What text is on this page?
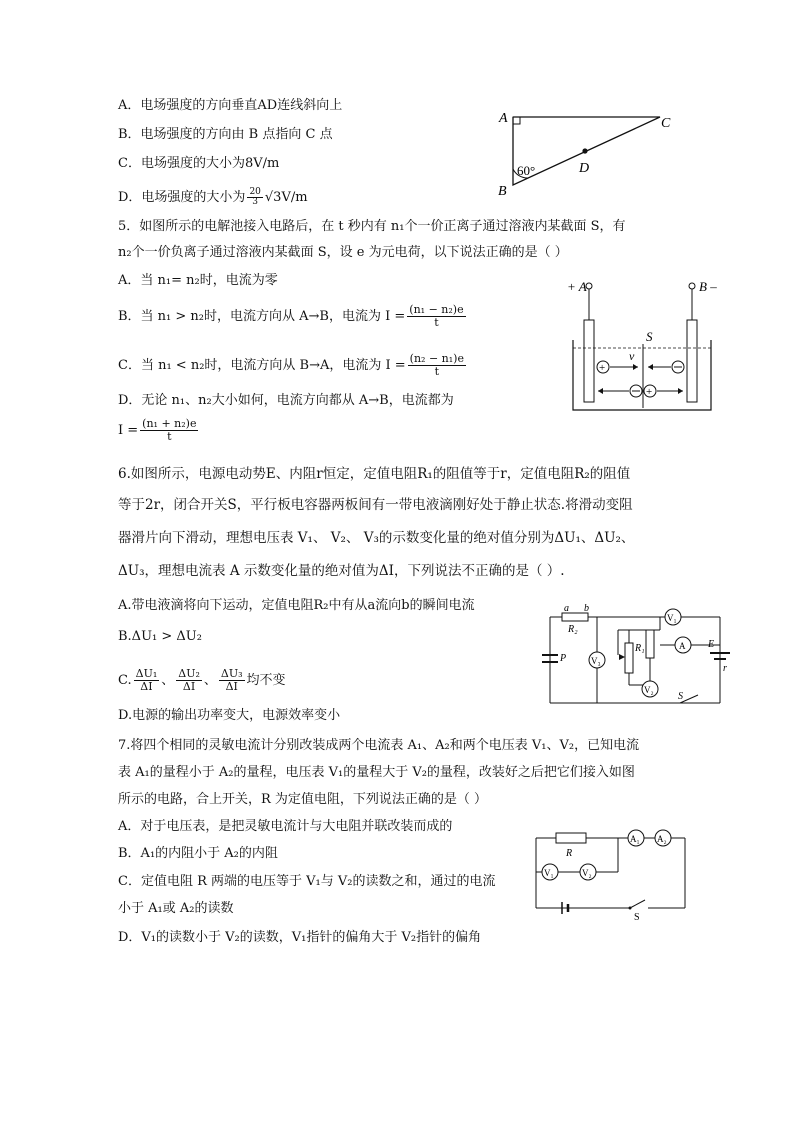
A．电场强度的方向垂直AD连线斜向上
B．电场强度的方向由 B 点指向 C 点
C．电场强度的大小为8V/m
D．电场强度的大小为 $\frac{20}{3} √3V/m$
A
B
C
D
60°
5．如图所示的电解池接入电路后，在 t 秒内有 n₁个一价正离子通过溶液内某截面 S，有
n₂个一价负离子通过溶液内某截面 S，设 e 为元电荷，以下说法正确的是（ ）
A．当 n₁= n₂时，电流为零
B．当 n₁ > n₂时，电流方向从 A→B，电流为 $I = \frac{\text{(n₁ − n₂)e}}{t}$
C．当 n₁ < n₂时，电流方向从 B→A，电流为 $I = \frac{\text{(n₂ − n₁)e}}{t}$
D．无论 n₁、n₂大小如何，电流方向都从 A→B，电流都为
$I = \frac{\text{(n₁ + n₂)e}}{t}$
+
+
+ A	B –
S
v
6.如图所示，电源电动势E、内阻r恒定，定值电阻R₁的阻值等于r，定值电阻R₂的阻值
等于2r，闭合开关S，平行板电容器两板间有一带电液滴刚好处于静止状态.将滑动变阻
器滑片向下滑动，理想电压表 V₁、 V₂、 V₃的示数变化量的绝对值分别为ΔU₁、ΔU₂、
ΔU₃，理想电流表 A 示数变化量的绝对值为ΔI，下列说法不正确的是（ ）.
A.带电液滴将向下运动，定值电阻R₂中有从a流向b的瞬间电流
B.ΔU₁ > ΔU₂
C. $\frac{\text{ΔU₁}}{\Delta I}$ 、 $\frac{\text{ΔU₂}}{\Delta I}$ 、 $\frac{\text{ΔU₃}}{\Delta I}$ 均不变
D.电源的输出功率变大，电源效率变小
a b
R₂
P
V₁
V₃
V₂
R₁	A E
r
S
7.将四个相同的灵敏电流计分别改装成两个电流表 A₁、A₂和两个电压表 V₁、V₂，已知电流
表 A₁的量程小于 A₂的量程，电压表 V₁的量程大于 V₂的量程，改装好之后把它们接入如图
所示的电路，合上开关，R 为定值电阻，下列说法正确的是（ ）
A．对于电压表，是把灵敏电流计与大电阻并联改装而成的
B．A₁的内阻小于 A₂的内阻
C．定值电阻 R 两端的电压等于 V₁与 V₂的读数之和，通过的电流
小于 A₁或 A₂的读数
D．V₁的读数小于 V₂的读数，V₁指针的偏角大于 V₂指针的偏角
R
A₁ A₂
V₁	V₂
S
